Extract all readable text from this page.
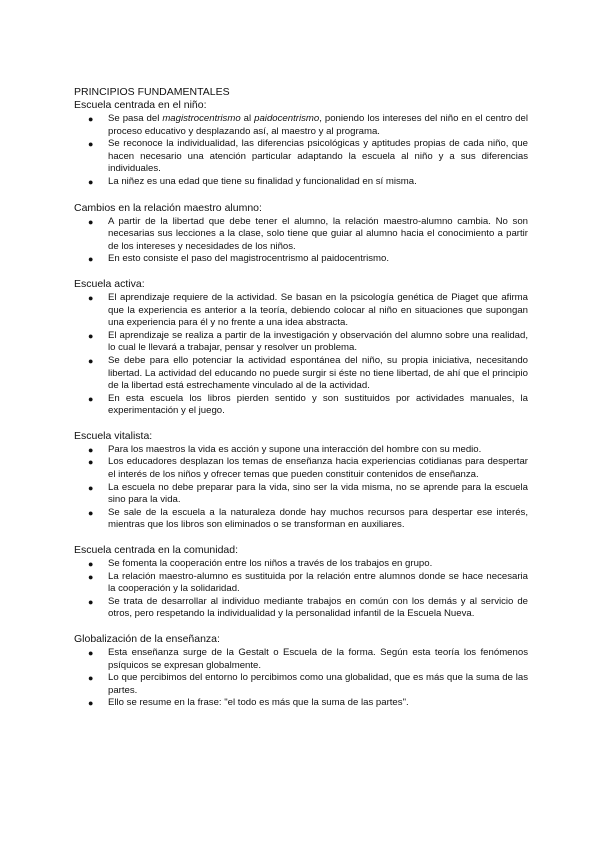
PRINCIPIOS FUNDAMENTALES

Escuela centrada en el niño:

● Se pasa del magistrocentrismo al paidocentrismo, poniendo los intereses del niño en el centro del proceso educativo y desplazando así, al maestro y al programa.
● Se reconoce la individualidad, las diferencias psicológicas y aptitudes propias de cada niño, que hacen necesario una atención particular adaptando la escuela al niño y a sus diferencias individuales.
● La niñez es una edad que tiene su finalidad y funcionalidad en sí misma.

Cambios en la relación maestro alumno:

● A partir de la libertad que debe tener el alumno, la relación maestro-alumno cambia. No son necesarias sus lecciones a la clase, solo tiene que guiar al alumno hacia el conocimiento a partir de los intereses y necesidades de los niños.
● En esto consiste el paso del magistrocentrismo al paidocentrismo.

Escuela activa:

● El aprendizaje requiere de la actividad. Se basan en la psicología genética de Piaget que afirma que la experiencia es anterior a la teoría, debiendo colocar al niño en situaciones que supongan una experiencia para él y no frente a una idea abstracta.
● El aprendizaje se realiza a partir de la investigación y observación del alumno sobre una realidad, lo cual le llevará a trabajar, pensar y resolver un problema.
● Se debe para ello potenciar la actividad espontánea del niño, su propia iniciativa, necesitando libertad. La actividad del educando no puede surgir si éste no tiene libertad, de ahí que el principio de la libertad está estrechamente vinculado al de la actividad.
● En esta escuela los libros pierden sentido y son sustituidos por actividades manuales, la experimentación y el juego.

Escuela vitalista:

● Para los maestros la vida es acción y supone una interacción del hombre con su medio.
● Los educadores desplazan los temas de enseñanza hacia experiencias cotidianas para despertar el interés de los niños y ofrecer temas que pueden constituir contenidos de enseñanza.
● La escuela no debe preparar para la vida, sino ser la vida misma, no se aprende para la escuela sino para la vida.
● Se sale de la escuela a la naturaleza donde hay muchos recursos para despertar ese interés, mientras que los libros son eliminados o se transforman en auxiliares.

Escuela centrada en la comunidad:

● Se fomenta la cooperación entre los niños a través de los trabajos en grupo.
● La relación maestro-alumno es sustituida por la relación entre alumnos donde se hace necesaria la cooperación y la solidaridad.
● Se trata de desarrollar al individuo mediante trabajos en común con los demás y al servicio de otros, pero respetando la individualidad y la personalidad infantil de la Escuela Nueva.

Globalización de la enseñanza:

● Esta enseñanza surge de la Gestalt o Escuela de la forma. Según esta teoría los fenómenos psíquicos se expresan globalmente.
● Lo que percibimos del entorno lo percibimos como una globalidad, que es más que la suma de las partes.
● Ello se resume en la frase: "el todo es más que la suma de las partes".
